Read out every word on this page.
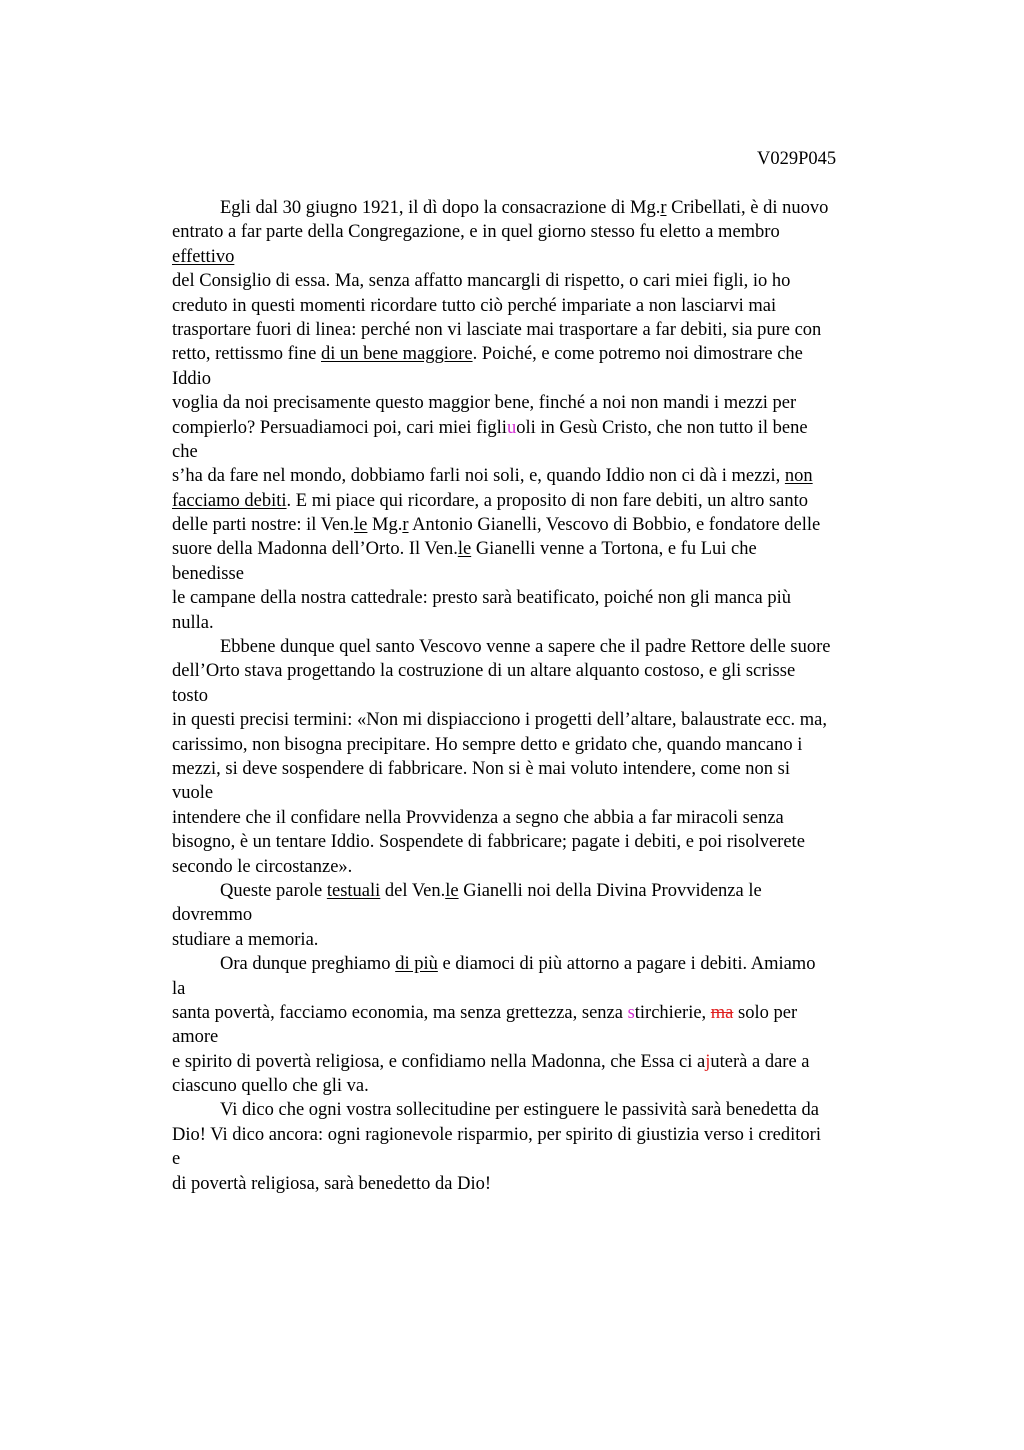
V029P045
Egli dal 30 giugno 1921, il dì dopo la consacrazione di Mg.r Cribellati, è di nuovo
entrato a far parte della Congregazione, e in quel giorno stesso fu eletto a membro
effettivo
del Consiglio di essa. Ma, senza affatto mancargli di rispetto, o cari miei figli, io ho
creduto in questi momenti ricordare tutto ciò perché impariate a non lasciarvi mai
trasportare fuori di linea: perché non vi lasciate mai trasportare a far debiti, sia pure con
retto, rettissmo fine di un bene maggiore. Poiché, e come potremo noi dimostrare che
Iddio
voglia da noi precisamente questo maggior bene, finché a noi non mandi i mezzi per
compierlo? Persuadiamoci poi, cari miei figliuoli in Gesù Cristo, che non tutto il bene
che
s’ha da fare nel mondo, dobbiamo farli noi soli, e, quando Iddio non ci dà i mezzi, non
facciamo debiti. E mi piace qui ricordare, a proposito di non fare debiti, un altro santo
delle parti nostre: il Ven.le Mg.r Antonio Gianelli, Vescovo di Bobbio, e fondatore delle
suore della Madonna dell’Orto. Il Ven.le Gianelli venne a Tortona, e fu Lui che
benedisse
le campane della nostra cattedrale: presto sarà beatificato, poiché non gli manca più
nulla.
Ebbene dunque quel santo Vescovo venne a sapere che il padre Rettore delle suore
dell’Orto stava progettando la costruzione di un altare alquanto costoso, e gli scrisse
tosto
in questi precisi termini: «Non mi dispiacciono i progetti dell’altare, balaustrate ecc. ma,
carissimo, non bisogna precipitare. Ho sempre detto e gridato che, quando mancano i
mezzi, si deve sospendere di fabbricare. Non si è mai voluto intendere, come non si
vuole
intendere che il confidare nella Provvidenza a segno che abbia a far miracoli senza
bisogno, è un tentare Iddio. Sospendete di fabbricare; pagate i debiti, e poi risolverete
secondo le circostanze».
Queste parole testuali del Ven.le Gianelli noi della Divina Provvidenza le
dovremmo
studiare a memoria.
Ora dunque preghiamo di più e diamoci di più attorno a pagare i debiti. Amiamo
la
santa povertà, facciamo economia, ma senza grettezza, senza stirchierie, ma solo per
amore
e spirito di povertà religiosa, e confidiamo nella Madonna, che Essa ci ajuterà a dare a
ciascuno quello che gli va.
Vi dico che ogni vostra sollecitudine per estinguere le passività sarà benedetta da
Dio! Vi dico ancora: ogni ragionevole risparmio, per spirito di giustizia verso i creditori
e
di povertà religiosa, sarà benedetto da Dio!
